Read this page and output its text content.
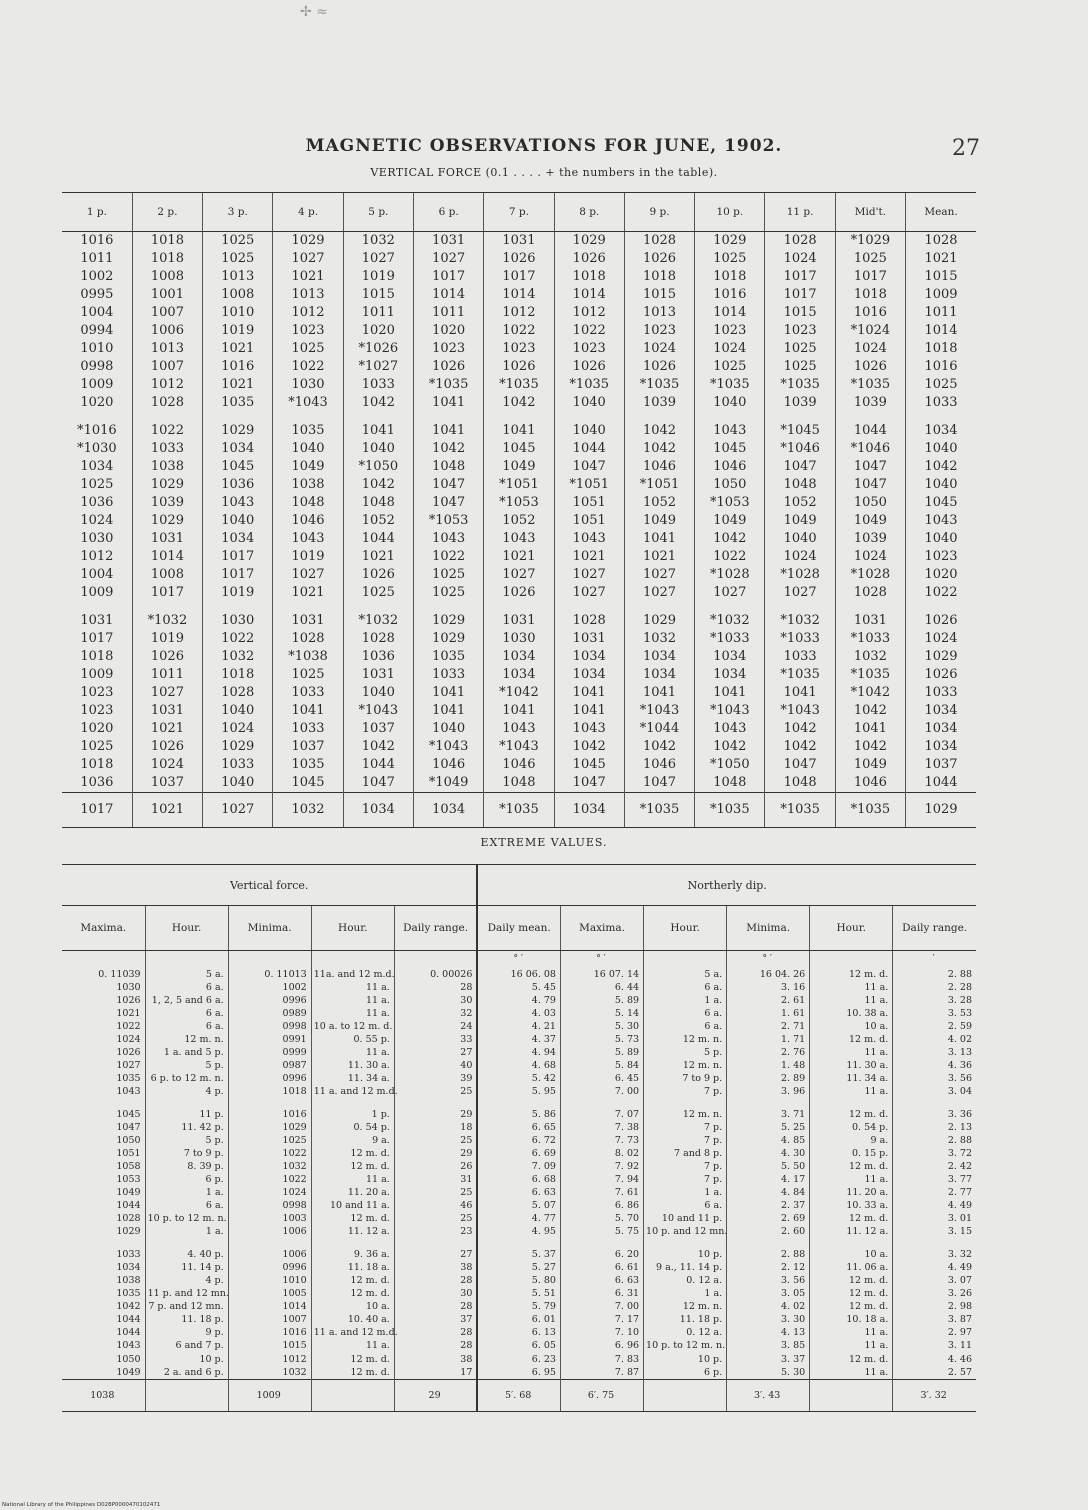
✢ ≈
MAGNETIC OBSERVATIONS FOR JUNE, 1902.	27
VERTICAL FORCE (0.1 . . . . + the numbers in the table).
1 p.	2 p.	3 p.	4 p.	5 p.	6 p.	7 p.	8 p.	9 p.	10 p.	11 p.	Mid't.	Mean.
1016	1018	1025	1029	1032	1031	1031	1029	1028	1029	1028	*1029	1028
1011	1018	1025	1027	1027	1027	1026	1026	1026	1025	1024	1025	1021
1002	1008	1013	1021	1019	1017	1017	1018	1018	1018	1017	1017	1015
0995	1001	1008	1013	1015	1014	1014	1014	1015	1016	1017	1018	1009
1004	1007	1010	1012	1011	1011	1012	1012	1013	1014	1015	1016	1011
0994	1006	1019	1023	1020	1020	1022	1022	1023	1023	1023	*1024	1014
1010	1013	1021	1025	*1026	1023	1023	1023	1024	1024	1025	1024	1018
0998	1007	1016	1022	*1027	1026	1026	1026	1026	1025	1025	1026	1016
1009	1012	1021	1030	1033	*1035	*1035	*1035	*1035	*1035	*1035	*1035	1025
1020	1028	1035	*1043	1042	1041	1042	1040	1039	1040	1039	1039	1033

*1016	1022	1029	1035	1041	1041	1041	1040	1042	1043	*1045	1044	1034
*1030	1033	1034	1040	1040	1042	1045	1044	1042	1045	*1046	*1046	1040
1034	1038	1045	1049	*1050	1048	1049	1047	1046	1046	1047	1047	1042
1025	1029	1036	1038	1042	1047	*1051	*1051	*1051	1050	1048	1047	1040
1036	1039	1043	1048	1048	1047	*1053	1051	1052	*1053	1052	1050	1045
1024	1029	1040	1046	1052	*1053	1052	1051	1049	1049	1049	1049	1043
1030	1031	1034	1043	1044	1043	1043	1043	1041	1042	1040	1039	1040
1012	1014	1017	1019	1021	1022	1021	1021	1021	1022	1024	1024	1023
1004	1008	1017	1027	1026	1025	1027	1027	1027	*1028	*1028	*1028	1020
1009	1017	1019	1021	1025	1025	1026	1027	1027	1027	1027	1028	1022

1031	*1032	1030	1031	*1032	1029	1031	1028	1029	*1032	*1032	1031	1026
1017	1019	1022	1028	1028	1029	1030	1031	1032	*1033	*1033	*1033	1024
1018	1026	1032	*1038	1036	1035	1034	1034	1034	1034	1033	1032	1029
1009	1011	1018	1025	1031	1033	1034	1034	1034	1034	*1035	*1035	1026
1023	1027	1028	1033	1040	1041	*1042	1041	1041	1041	1041	*1042	1033
1023	1031	1040	1041	*1043	1041	1041	1041	*1043	*1043	*1043	1042	1034
1020	1021	1024	1033	1037	1040	1043	1043	*1044	1043	1042	1041	1034
1025	1026	1029	1037	1042	*1043	*1043	1042	1042	1042	1042	1042	1034
1018	1024	1033	1035	1044	1046	1046	1045	1046	*1050	1047	1049	1037
1036	1037	1040	1045	1047	*1049	1048	1047	1047	1048	1048	1046	1044
1017	1021	1027	1032	1034	1034	*1035	1034	*1035	*1035	*1035	*1035	1029
EXTREME VALUES.
Vertical force.					Northerly dip.					
Maxima.	Hour.	Minima.	Hour.	Daily range.	Daily mean.	Maxima.	Hour.	Minima.	Hour.	Daily range.
					° ′	° ′		° ′		′
0. 11039	5 a.	0. 11013	11a. and 12 m.d.	0. 00026	16 06. 08	16 07. 14	5 a.	16 04. 26	12 m. d.	2. 88
1030	6 a.	1002	11 a.	28	5. 45	6. 44	6 a.	3. 16	11 a.	2. 28
1026	1, 2, 5 and 6 a.	0996	11 a.	30	4. 79	5. 89	1 a.	2. 61	11 a.	3. 28
1021	6 a.	0989	11 a.	32	4. 03	5. 14	6 a.	1. 61	10. 38 a.	3. 53
1022	6 a.	0998	10 a. to 12 m. d.	24	4. 21	5. 30	6 a.	2. 71	10 a.	2. 59
1024	12 m. n.	0991	0. 55 p.	33	4. 37	5. 73	12 m. n.	1. 71	12 m. d.	4. 02
1026	1 a. and 5 p.	0999	11 a.	27	4. 94	5. 89	5 p.	2. 76	11 a.	3. 13
1027	5 p.	0987	11. 30 a.	40	4. 68	5. 84	12 m. n.	1. 48	11. 30 a.	4. 36
1035	6 p. to 12 m. n.	0996	11. 34 a.	39	5. 42	6. 45	7 to 9 p.	2. 89	11. 34 a.	3. 56
1043	4 p.	1018	11 a. and 12 m.d.	25	5. 95	7. 00	7 p.	3. 96	11 a.	3. 04

1045	11 p.	1016	1 p.	29	5. 86	7. 07	12 m. n.	3. 71	12 m. d.	3. 36
1047	11. 42 p.	1029	0. 54 p.	18	6. 65	7. 38	7 p.	5. 25	0. 54 p.	2. 13
1050	5 p.	1025	9 a.	25	6. 72	7. 73	7 p.	4. 85	9 a.	2. 88
1051	7 to 9 p.	1022	12 m. d.	29	6. 69	8. 02	7 and 8 p.	4. 30	0. 15 p.	3. 72
1058	8. 39 p.	1032	12 m. d.	26	7. 09	7. 92	7 p.	5. 50	12 m. d.	2. 42
1053	6 p.	1022	11 a.	31	6. 68	7. 94	7 p.	4. 17	11 a.	3. 77
1049	1 a.	1024	11. 20 a.	25	6. 63	7. 61	1 a.	4. 84	11. 20 a.	2. 77
1044	6 a.	0998	10 and 11 a.	46	5. 07	6. 86	6 a.	2. 37	10. 33 a.	4. 49
1028	10 p. to 12 m. n.	1003	12 m. d.	25	4. 77	5. 70	10 and 11 p.	2. 69	12 m. d.	3. 01
1029	1 a.	1006	11. 12 a.	23	4. 95	5. 75	10 p. and 12 mn.	2. 60	11. 12 a.	3. 15

1033	4. 40 p.	1006	9. 36 a.	27	5. 37	6. 20	10 p.	2. 88	10 a.	3. 32
1034	11. 14 p.	0996	11. 18 a.	38	5. 27	6. 61	9 a., 11. 14 p.	2. 12	11. 06 a.	4. 49
1038	4 p.	1010	12 m. d.	28	5. 80	6. 63	0. 12 a.	3. 56	12 m. d.	3. 07
1035	11 p. and 12 mn.	1005	12 m. d.	30	5. 51	6. 31	1 a.	3. 05	12 m. d.	3. 26
1042	7 p. and 12 mn.	1014	10 a.	28	5. 79	7. 00	12 m. n.	4. 02	12 m. d.	2. 98
1044	11. 18 p.	1007	10. 40 a.	37	6. 01	7. 17	11. 18 p.	3. 30	10. 18 a.	3. 87
1044	9 p.	1016	11 a. and 12 m.d.	28	6. 13	7. 10	0. 12 a.	4. 13	11 a.	2. 97
1043	6 and 7 p.	1015	11 a.	28	6. 05	6. 96	10 p. to 12 m. n.	3. 85	11 a.	3. 11
1050	10 p.	1012	12 m. d.	38	6. 23	7. 83	10 p.	3. 37	12 m. d.	4. 46
1049	2 a. and 6 p.	1032	12 m. d.	17	6. 95	7. 87	6 p.	5. 30	11 a.	2. 57
1038		1009		29	5′. 68	6′. 75		3′. 43		3′. 32
National Library of the Philippines D028P0000470102471
